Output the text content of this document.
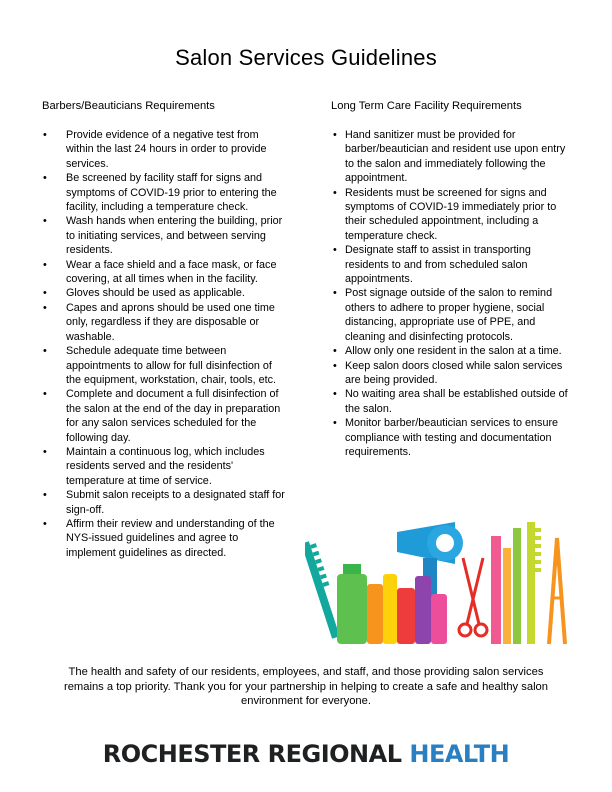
Salon Services Guidelines
Barbers/Beauticians Requirements	Long Term Care Facility Requirements
• Provide evidence of a negative test from within the last 24 hours in order to provide services.
• Be screened by facility staff for signs and symptoms of COVID-19 prior to entering the facility, including a temperature check.
• Wash hands when entering the building, prior to initiating services, and between serving residents.
• Wear a face shield and a face mask, or face covering, at all times when in the facility.
• Gloves should be used as applicable.
• Capes and aprons should be used one time only, regardless if they are disposable or washable.
• Schedule adequate time between appointments to allow for full disinfection of the equipment, workstation, chair, tools, etc.
• Complete and document a full disinfection of the salon at the end of the day in preparation for any salon services scheduled for the following day.
• Maintain a continuous log, which includes residents served and the residents' temperature at time of service.
• Submit salon receipts to a designated staff for sign-off.
• Affirm their review and understanding of the NYS-issued guidelines and agree to implement guidelines as directed.
• Hand sanitizer must be provided for barber/beautician and resident use upon entry to the salon and immediately following the appointment.
• Residents must be screened for signs and symptoms of COVID-19 immediately prior to their scheduled appointment, including a temperature check.
• Designate staff to assist in transporting residents to and from scheduled salon appointments.
• Post signage outside of the salon to remind others to adhere to proper hygiene, social distancing, appropriate use of PPE, and cleaning and disinfecting protocols.
• Allow only one resident in the salon at a time.
• Keep salon doors closed while salon services are being provided.
• No waiting area shall be established outside of the salon.
• Monitor barber/beautician services to ensure compliance with testing and documentation requirements.

The health and safety of our residents, employees, and staff, and those providing salon services remains a top priority. Thank you for your partnership in helping to create a safe and healthy salon environment for everyone.

ROCHESTER REGIONAL HEALTH
